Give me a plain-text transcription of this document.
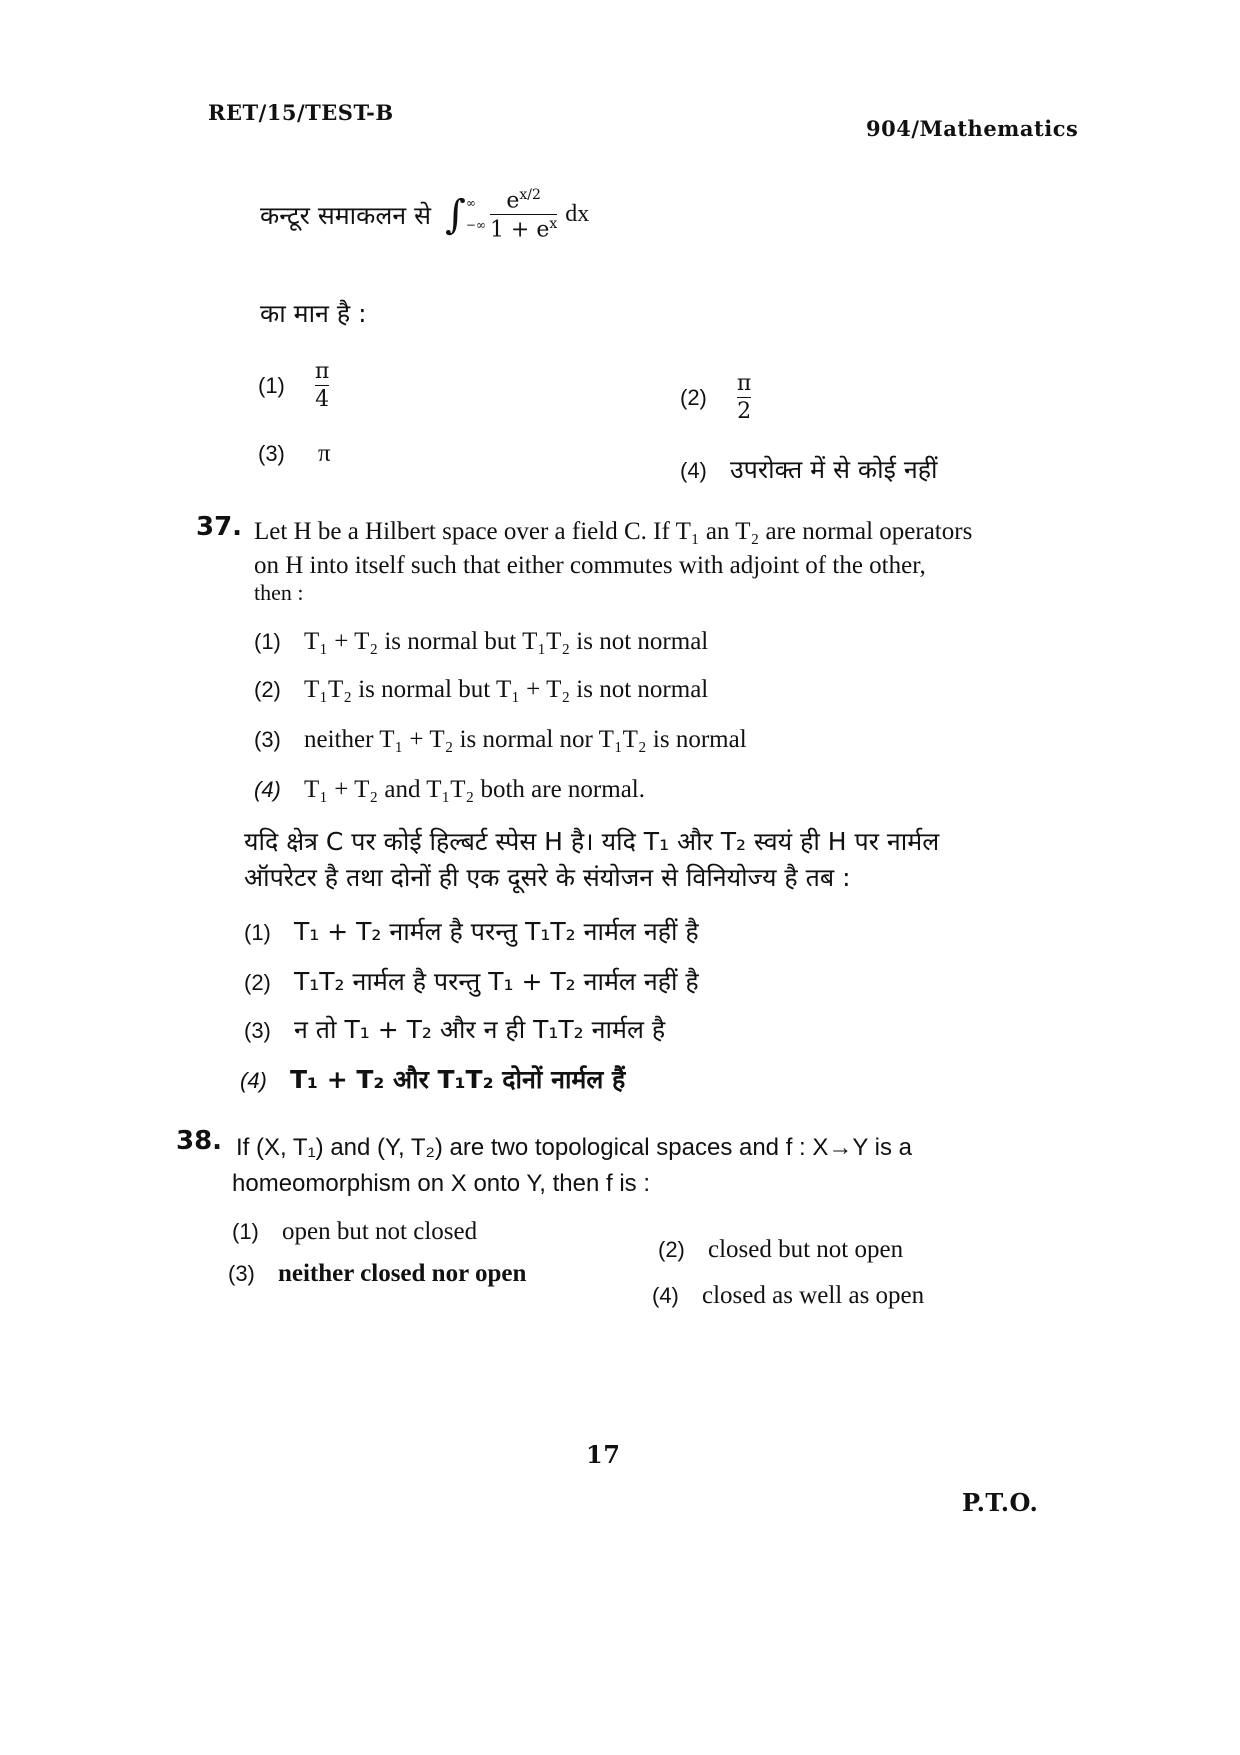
RET/15/TEST-B
904/Mathematics
कन्टूर समाकलन से ∫ ∞
−∞ $\frac{e^{x/2}}{1 + e^x}$ dx
का मान है :
$(1) \frac{\pi}{4}$	$(2) \frac{\pi}{2}$
(3) π
(4) उपरोक्त में से कोई नहीं
37. Let H be a Hilbert space over a field C. If T₁ an T₂ are normal operators
on H into itself such that either commutes with adjoint of the other,
then :
(1) T₁ + T₂ is normal but T₁T₂ is not normal
(2) T₁T₂ is normal but T₁ + T₂ is not normal
(3) neither T₁ + T₂ is normal nor T₁T₂ is normal
(4) T₁ + T₂ and T₁T₂ both are normal.
यदि क्षेत्र C पर कोई हिल्बर्ट स्पेस H है। यदि T₁ और T₂ स्वयं ही H पर नार्मल
ऑपरेटर है तथा दोनों ही एक दूसरे के संयोजन से विनियोज्य है तब :
(1) T₁ + T₂ नार्मल है परन्तु T₁T₂ नार्मल नहीं है
(2) T₁T₂ नार्मल है परन्तु T₁ + T₂ नार्मल नहीं है
(3) न तो T₁ + T₂ और न ही T₁T₂ नार्मल है
(4) T₁ + T₂ और T₁T₂ दोनों नार्मल हैं
38. If (X, T₁) and (Y, T₂) are two topological spaces and f : X→Y is a
homeomorphism on X onto Y, then f is :
(1) open but not closed
(2) closed but not open
(3) neither closed nor open
(4) closed as well as open
17
P.T.O.
